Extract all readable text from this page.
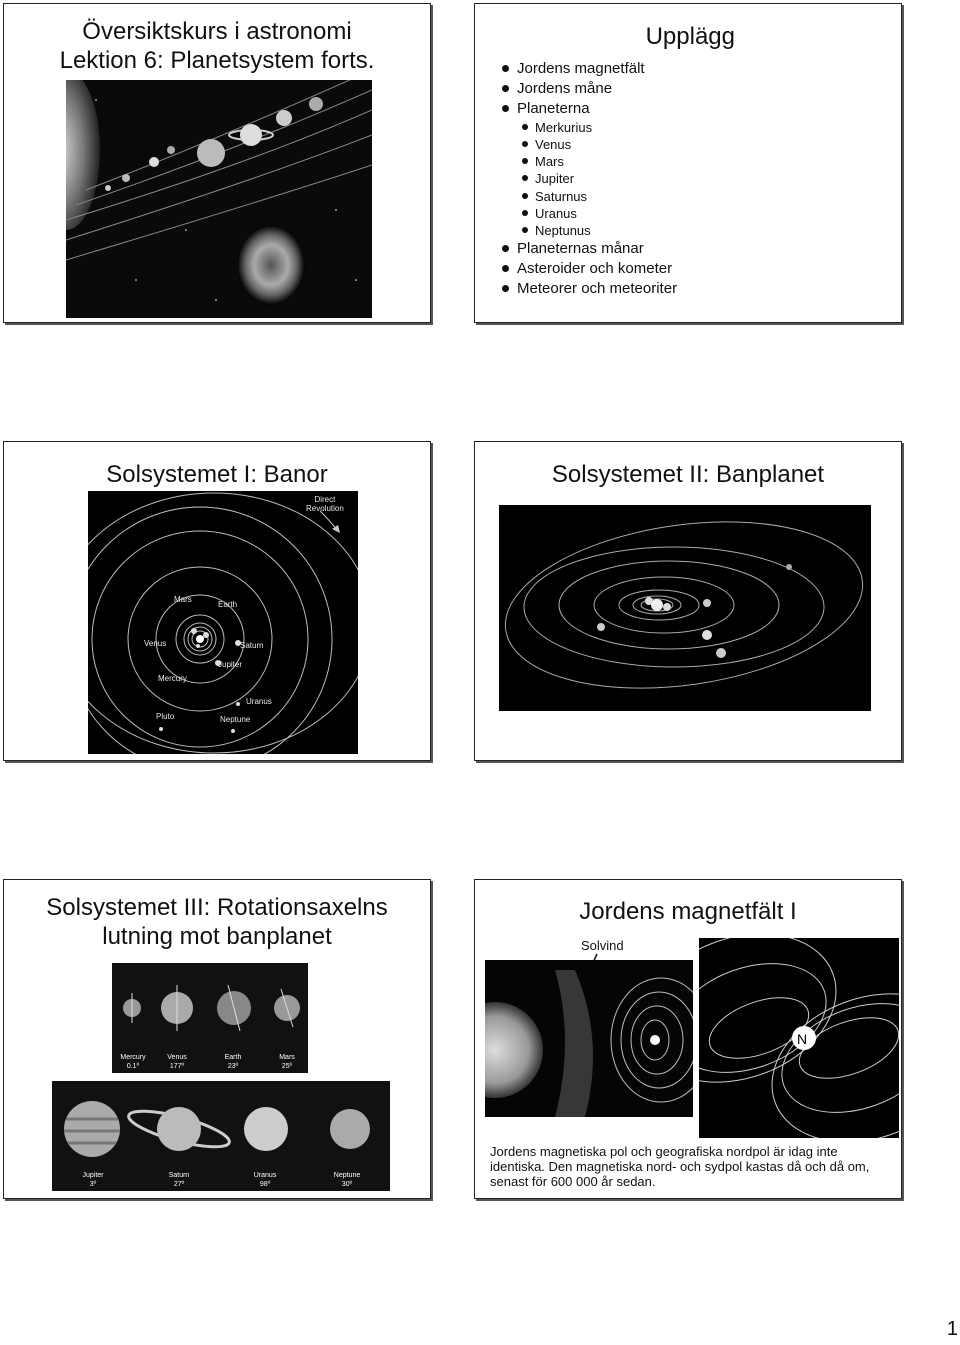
Översiktskurs i astronomi
Lektion 6: Planetsystem forts.
Upplägg
Jordens magnetfält
Jordens måne
Planeterna
Merkurius
Venus
Mars
Jupiter
Saturnus
Uranus
Neptunus
Planeternas månar
Asteroider och kometer
Meteorer och meteoriter
Solsystemet I: Banor
Direct
Revolution
Mars
Earth
Venus	Saturn
Jupiter
Mercury
Uranus
Pluto	Neptune
Solsystemet II: Banplanet
Solsystemet III: Rotationsaxelns
lutning mot banplanet
Mercury
0.1º
Venus
177º
Earth
23º
Mars
25º
Jupiter
3º
Saturn
27º
Uranus
98º
Neptune
30º
Jordens magnetfält I
Solvind
N
Jordens magnetiska pol och geografiska nordpol är idag inte identiska. Den magnetiska nord- och sydpol kastas då och då om, senast för 600 000 år sedan.
1
